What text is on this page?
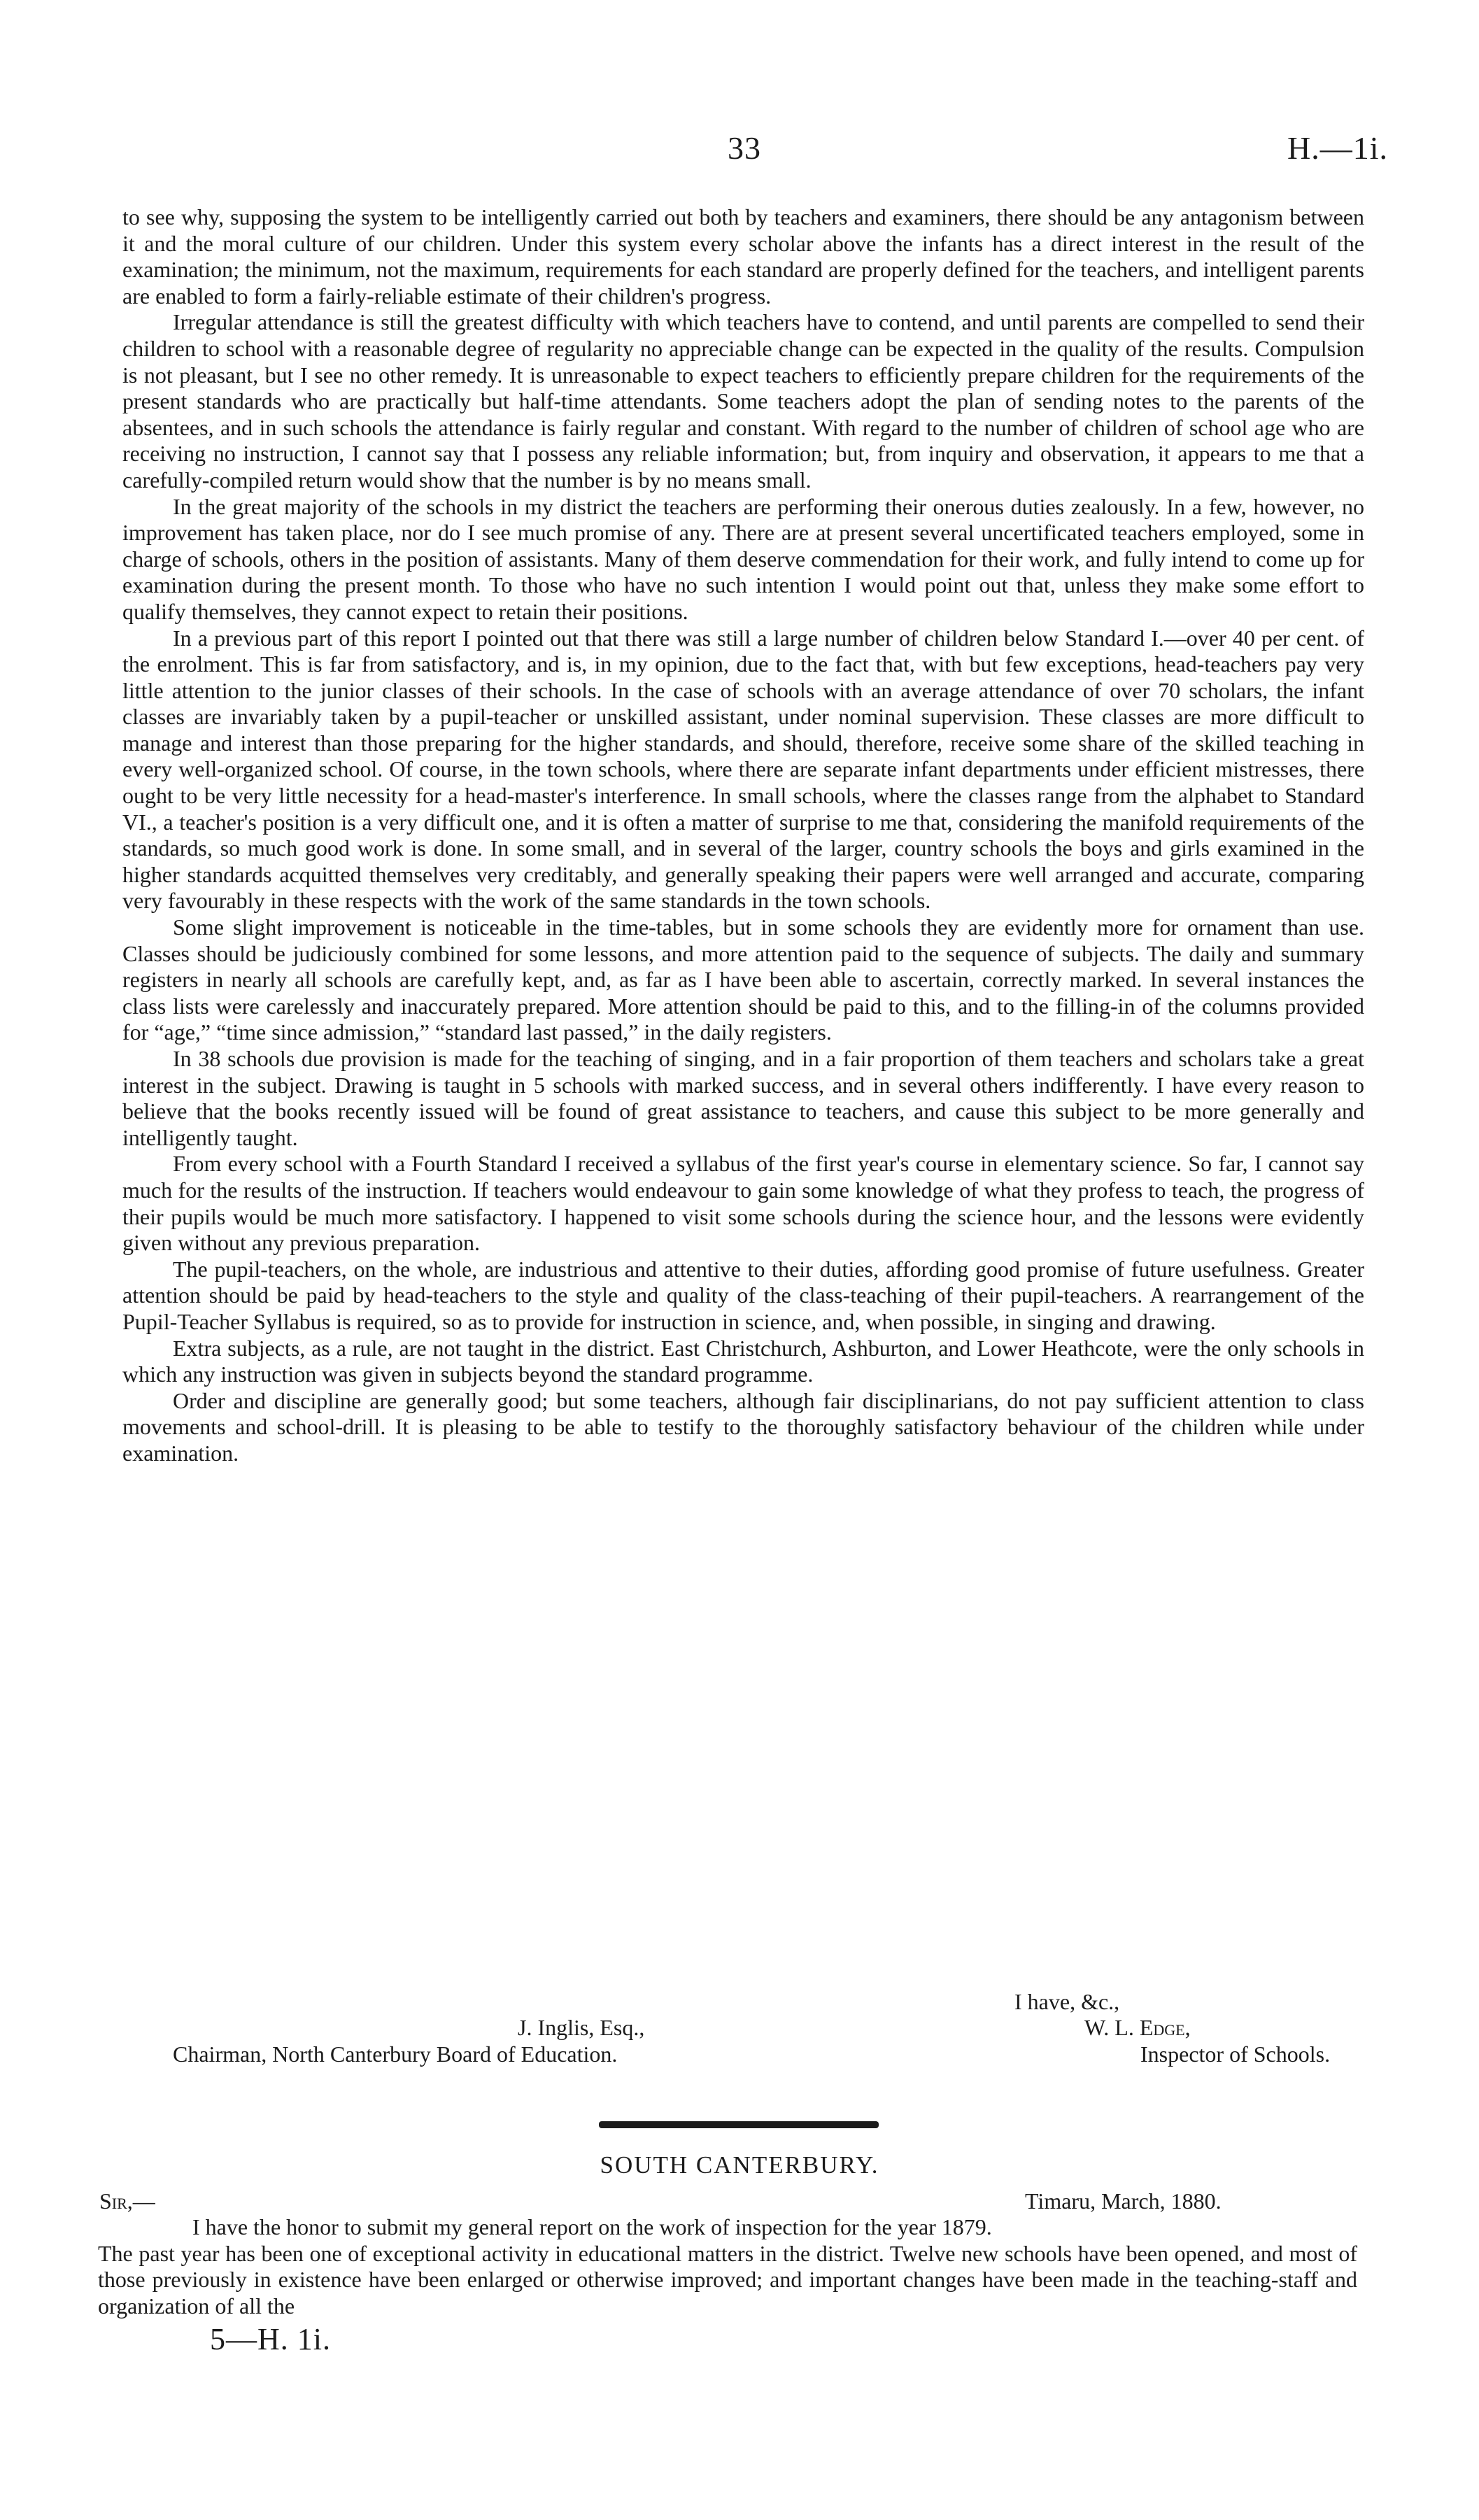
33	H.—1i.

to see why, supposing the system to be intelligently carried out both by teachers and examiners, there should be any antagonism between it and the moral culture of our children. Under this system every scholar above the infants has a direct interest in the result of the examination; the minimum, not the maximum, requirements for each standard are properly defined for the teachers, and intelligent parents are enabled to form a fairly-reliable estimate of their children's progress.

Irregular attendance is still the greatest difficulty with which teachers have to contend, and until parents are compelled to send their children to school with a reasonable degree of regularity no appreciable change can be expected in the quality of the results. Compulsion is not pleasant, but I see no other remedy. It is unreasonable to expect teachers to efficiently prepare children for the requirements of the present standards who are practically but half-time attendants. Some teachers adopt the plan of sending notes to the parents of the absentees, and in such schools the attendance is fairly regular and constant. With regard to the number of children of school age who are receiving no instruction, I cannot say that I possess any reliable information; but, from inquiry and observation, it appears to me that a carefully-compiled return would show that the number is by no means small.

In the great majority of the schools in my district the teachers are performing their onerous duties zealously. In a few, however, no improvement has taken place, nor do I see much promise of any. There are at present several uncertificated teachers employed, some in charge of schools, others in the position of assistants. Many of them deserve commendation for their work, and fully intend to come up for examination during the present month. To those who have no such intention I would point out that, unless they make some effort to qualify themselves, they cannot expect to retain their positions.

In a previous part of this report I pointed out that there was still a large number of children below Standard I.—over 40 per cent. of the enrolment. This is far from satisfactory, and is, in my opinion, due to the fact that, with but few exceptions, head-teachers pay very little attention to the junior classes of their schools. In the case of schools with an average attendance of over 70 scholars, the infant classes are invariably taken by a pupil-teacher or unskilled assistant, under nominal supervision. These classes are more difficult to manage and interest than those preparing for the higher standards, and should, therefore, receive some share of the skilled teaching in every well-organized school. Of course, in the town schools, where there are separate infant departments under efficient mistresses, there ought to be very little necessity for a head-master's interference. In small schools, where the classes range from the alphabet to Standard VI., a teacher's position is a very difficult one, and it is often a matter of surprise to me that, considering the manifold requirements of the standards, so much good work is done. In some small, and in several of the larger, country schools the boys and girls examined in the higher standards acquitted themselves very creditably, and generally speaking their papers were well arranged and accurate, comparing very favourably in these respects with the work of the same standards in the town schools.

Some slight improvement is noticeable in the time-tables, but in some schools they are evidently more for ornament than use. Classes should be judiciously combined for some lessons, and more attention paid to the sequence of subjects. The daily and summary registers in nearly all schools are carefully kept, and, as far as I have been able to ascertain, correctly marked. In several instances the class lists were carelessly and inaccurately prepared. More attention should be paid to this, and to the filling-in of the columns provided for “age,” “time since admission,” “standard last passed,” in the daily registers.

In 38 schools due provision is made for the teaching of singing, and in a fair proportion of them teachers and scholars take a great interest in the subject. Drawing is taught in 5 schools with marked success, and in several others indifferently. I have every reason to believe that the books recently issued will be found of great assistance to teachers, and cause this subject to be more generally and intelligently taught.

From every school with a Fourth Standard I received a syllabus of the first year's course in elementary science. So far, I cannot say much for the results of the instruction. If teachers would endeavour to gain some knowledge of what they profess to teach, the progress of their pupils would be much more satisfactory. I happened to visit some schools during the science hour, and the lessons were evidently given without any previous preparation.

The pupil-teachers, on the whole, are industrious and attentive to their duties, affording good promise of future usefulness. Greater attention should be paid by head-teachers to the style and quality of the class-teaching of their pupil-teachers. A rearrangement of the Pupil-Teacher Syllabus is required, so as to provide for instruction in science, and, when possible, in singing and drawing.

Extra subjects, as a rule, are not taught in the district. East Christchurch, Ashburton, and Lower Heathcote, were the only schools in which any instruction was given in subjects beyond the standard programme.

Order and discipline are generally good; but some teachers, although fair disciplinarians, do not pay sufficient attention to class movements and school-drill. It is pleasing to be able to testify to the thoroughly satisfactory behaviour of the children while under examination.

I have, &c.,
J. Inglis, Esq.,	W. L. Edge,
Chairman, North Canterbury Board of Education.	Inspector of Schools.
SOUTH CANTERBURY.
Sir,—	Timaru, March, 1880.

I have the honor to submit my general report on the work of inspection for the year 1879.

The past year has been one of exceptional activity in educational matters in the district. Twelve new schools have been opened, and most of those previously in existence have been enlarged or otherwise improved; and important changes have been made in the teaching-staff and organization of all the

5—H. 1i.
